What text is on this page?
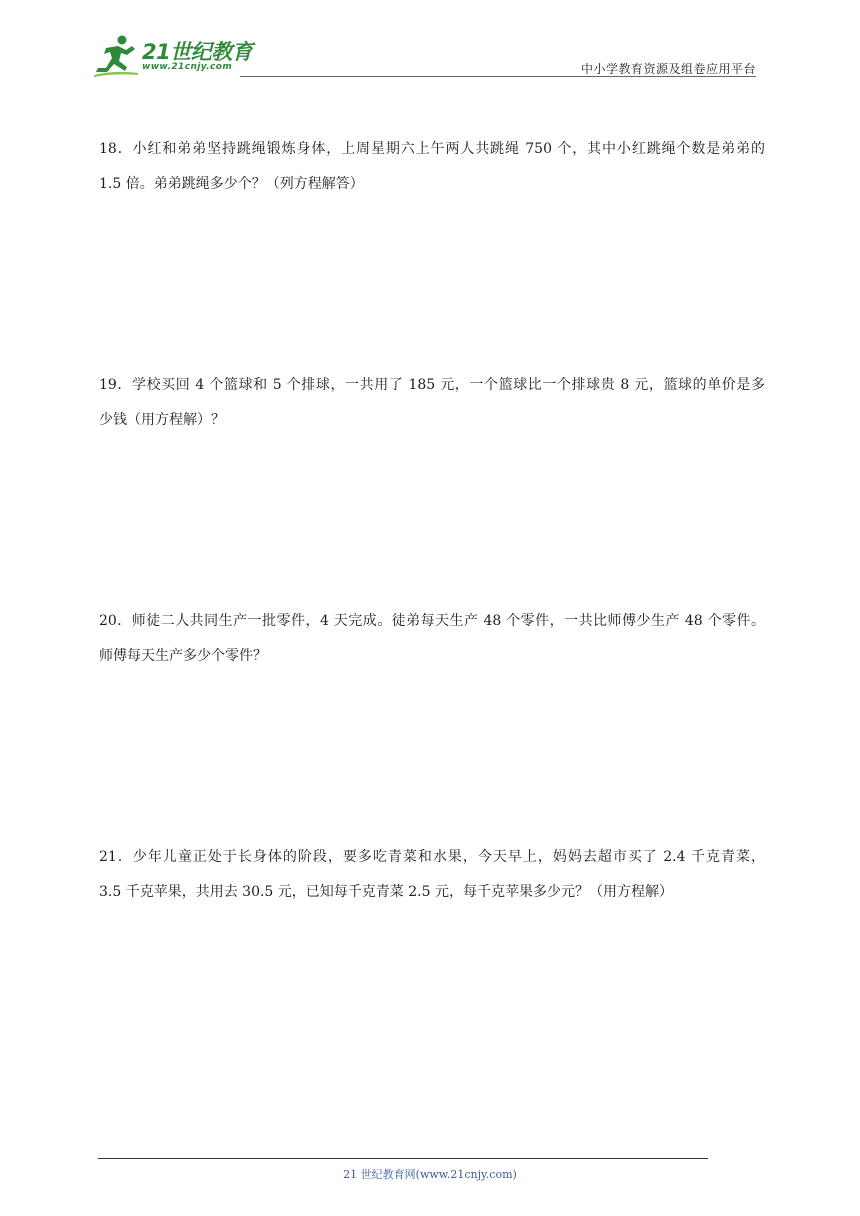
21世纪教育
www.21cnjy.com	中小学教育资源及组卷应用平台
18．小红和弟弟坚持跳绳锻炼身体，上周星期六上午两人共跳绳 750 个，其中小红跳绳个数是弟弟的
1.5 倍。弟弟跳绳多少个？（列方程解答）
19．学校买回 4 个篮球和 5 个排球，一共用了 185 元，一个篮球比一个排球贵 8 元，篮球的单价是多
少钱（用方程解）？
20．师徒二人共同生产一批零件，4 天完成。徒弟每天生产 48 个零件，一共比师傅少生产 48 个零件。
师傅每天生产多少个零件？
21．少年儿童正处于长身体的阶段，要多吃青菜和水果，今天早上，妈妈去超市买了 2.4 千克青菜，
3.5 千克苹果，共用去 30.5 元，已知每千克青菜 2.5 元，每千克苹果多少元？（用方程解）
21 世纪教育网(www.21cnjy.com)
